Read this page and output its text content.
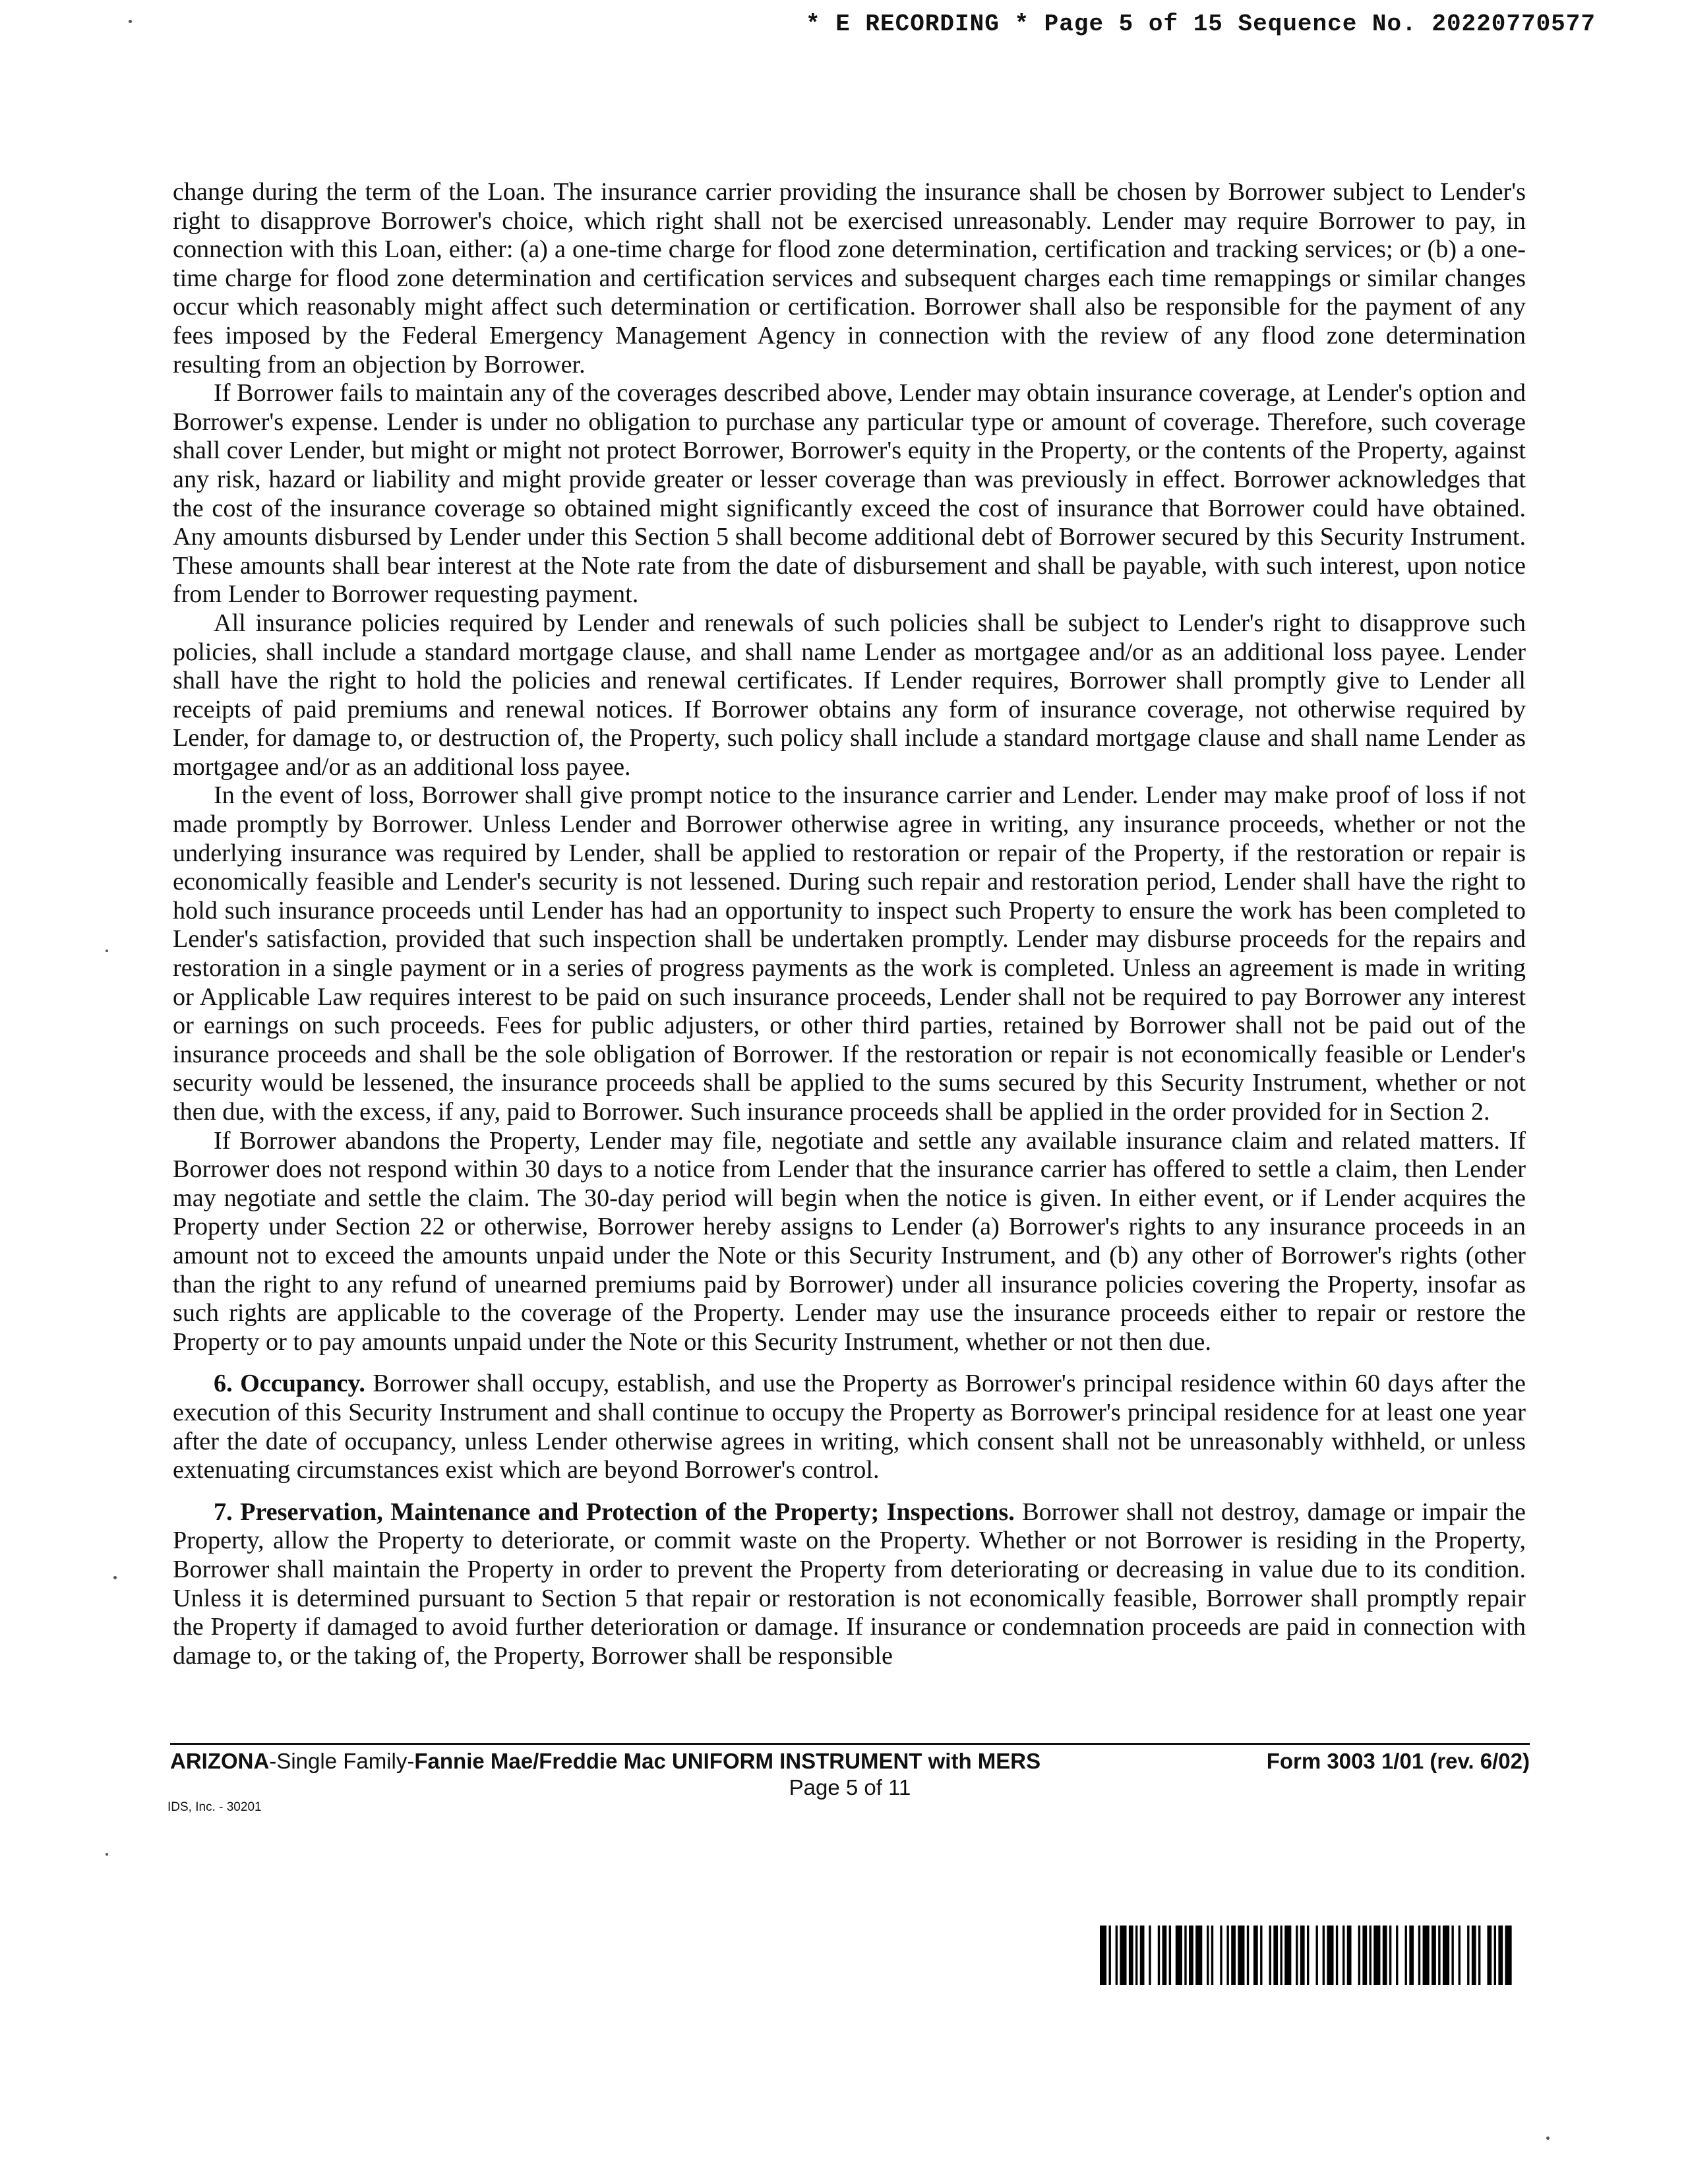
* E RECORDING * Page 5 of 15 Sequence No. 20220770577

change during the term of the Loan. The insurance carrier providing the insurance shall be chosen by Borrower subject to Lender's right to disapprove Borrower's choice, which right shall not be exercised unreasonably. Lender may require Borrower to pay, in connection with this Loan, either: (a) a one-time charge for flood zone determination, certification and tracking services; or (b) a one-time charge for flood zone determination and certification services and subsequent charges each time remappings or similar changes occur which reasonably might affect such determination or certification. Borrower shall also be responsible for the payment of any fees imposed by the Federal Emergency Management Agency in connection with the review of any flood zone determination resulting from an objection by Borrower.

If Borrower fails to maintain any of the coverages described above, Lender may obtain insurance coverage, at Lender's option and Borrower's expense. Lender is under no obligation to purchase any particular type or amount of coverage. Therefore, such coverage shall cover Lender, but might or might not protect Borrower, Borrower's equity in the Property, or the contents of the Property, against any risk, hazard or liability and might provide greater or lesser coverage than was previously in effect. Borrower acknowledges that the cost of the insurance coverage so obtained might significantly exceed the cost of insurance that Borrower could have obtained. Any amounts disbursed by Lender under this Section 5 shall become additional debt of Borrower secured by this Security Instrument. These amounts shall bear interest at the Note rate from the date of disbursement and shall be payable, with such interest, upon notice from Lender to Borrower requesting payment.

All insurance policies required by Lender and renewals of such policies shall be subject to Lender's right to disapprove such policies, shall include a standard mortgage clause, and shall name Lender as mortgagee and/or as an additional loss payee. Lender shall have the right to hold the policies and renewal certificates. If Lender requires, Borrower shall promptly give to Lender all receipts of paid premiums and renewal notices. If Borrower obtains any form of insurance coverage, not otherwise required by Lender, for damage to, or destruction of, the Property, such policy shall include a standard mortgage clause and shall name Lender as mortgagee and/or as an additional loss payee.

In the event of loss, Borrower shall give prompt notice to the insurance carrier and Lender. Lender may make proof of loss if not made promptly by Borrower. Unless Lender and Borrower otherwise agree in writing, any insurance proceeds, whether or not the underlying insurance was required by Lender, shall be applied to restoration or repair of the Property, if the restoration or repair is economically feasible and Lender's security is not lessened. During such repair and restoration period, Lender shall have the right to hold such insurance proceeds until Lender has had an opportunity to inspect such Property to ensure the work has been completed to Lender's satisfaction, provided that such inspection shall be undertaken promptly. Lender may disburse proceeds for the repairs and restoration in a single payment or in a series of progress payments as the work is completed. Unless an agreement is made in writing or Applicable Law requires interest to be paid on such insurance proceeds, Lender shall not be required to pay Borrower any interest or earnings on such proceeds. Fees for public adjusters, or other third parties, retained by Borrower shall not be paid out of the insurance proceeds and shall be the sole obligation of Borrower. If the restoration or repair is not economically feasible or Lender's security would be lessened, the insurance proceeds shall be applied to the sums secured by this Security Instrument, whether or not then due, with the excess, if any, paid to Borrower. Such insurance proceeds shall be applied in the order provided for in Section 2.

If Borrower abandons the Property, Lender may file, negotiate and settle any available insurance claim and related matters. If Borrower does not respond within 30 days to a notice from Lender that the insurance carrier has offered to settle a claim, then Lender may negotiate and settle the claim. The 30-day period will begin when the notice is given. In either event, or if Lender acquires the Property under Section 22 or otherwise, Borrower hereby assigns to Lender (a) Borrower's rights to any insurance proceeds in an amount not to exceed the amounts unpaid under the Note or this Security Instrument, and (b) any other of Borrower's rights (other than the right to any refund of unearned premiums paid by Borrower) under all insurance policies covering the Property, insofar as such rights are applicable to the coverage of the Property. Lender may use the insurance proceeds either to repair or restore the Property or to pay amounts unpaid under the Note or this Security Instrument, whether or not then due.

6. Occupancy. Borrower shall occupy, establish, and use the Property as Borrower's principal residence within 60 days after the execution of this Security Instrument and shall continue to occupy the Property as Borrower's principal residence for at least one year after the date of occupancy, unless Lender otherwise agrees in writing, which consent shall not be unreasonably withheld, or unless extenuating circumstances exist which are beyond Borrower's control.

7. Preservation, Maintenance and Protection of the Property; Inspections. Borrower shall not destroy, damage or impair the Property, allow the Property to deteriorate, or commit waste on the Property. Whether or not Borrower is residing in the Property, Borrower shall maintain the Property in order to prevent the Property from deteriorating or decreasing in value due to its condition. Unless it is determined pursuant to Section 5 that repair or restoration is not economically feasible, Borrower shall promptly repair the Property if damaged to avoid further deterioration or damage. If insurance or condemnation proceeds are paid in connection with damage to, or the taking of, the Property, Borrower shall be responsible

ARIZONA-Single Family-Fannie Mae/Freddie Mac UNIFORM INSTRUMENT with MERS	Form 3003 1/01 (rev. 6/02)
Page 5 of 11
IDS, Inc. - 30201
